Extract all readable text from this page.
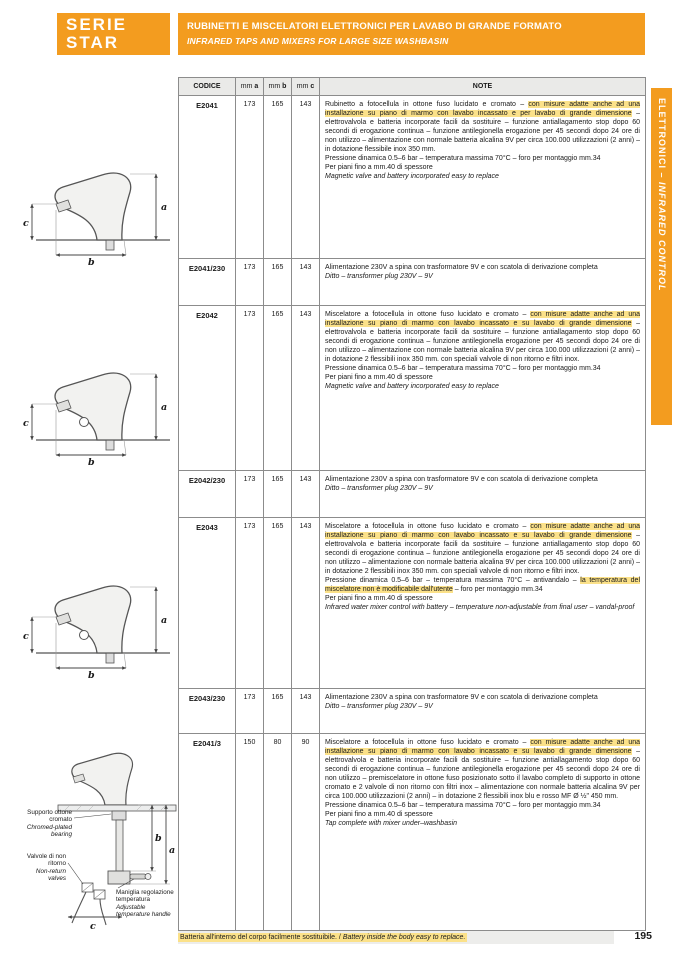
SERIE
STAR
RUBINETTI E MISCELATORI ELETTRONICI PER LAVABO DI GRANDE FORMATO
INFRARED TAPS AND MIXERS FOR LARGE SIZE WASHBASIN
ELETTRONICI – INFRARED CONTROL
CODICE	mm a	mm b	mm c	NOTE
E2041	173	165	143	Rubinetto a fotocellula in ottone fuso lucidato e cromato – con misure adatte anche ad una installazione su piano di marmo con lavabo incassato e per lavabo di grande dimensione – elettrovalvola e batteria incorporate facili da sostituire – funzione antiallagamento stop dopo 60 secondi di erogazione continua – funzione antilegionella erogazione per 45 secondi dopo 24 ore di non utilizzo – alimentazione con normale batteria alcalina 9V per circa 100.000 utilizzazioni (2 anni) – in dotazione flessibile inox 350 mm.
Pressione dinamica 0.5–6 bar – temperatura massima 70°C – foro per montaggio mm.34
Per piani fino a mm.40 di spessore
Magnetic valve and battery incorporated easy to replace
E2041/230	173	165	143	Alimentazione 230V a spina con trasformatore 9V e con scatola di derivazione completa
Ditto – transformer plug 230V – 9V
E2042	173	165	143	Miscelatore a fotocellula in ottone fuso lucidato e cromato – con misure adatte anche ad una installazione su piano di marmo con lavabo incassato e su lavabo di grande dimensione – elettrovalvola e batteria incorporate facili da sostituire – funzione antiallagamento stop dopo 60 secondi di erogazione continua – funzione antilegionella erogazione per 45 secondi dopo 24 ore di non utilizzo – alimentazione con normale batteria alcalina 9V per circa 100.000 utilizzazioni (2 anni) – in dotazione 2 flessibili inox 350 mm. con speciali valvole di non ritorno e filtri inox.
Pressione dinamica 0.5–6 bar – temperatura massima 70°C – foro per montaggio mm.34
Per piani fino a mm.40 di spessore
Magnetic valve and battery incorporated easy to replace
E2042/230	173	165	143	Alimentazione 230V a spina con trasformatore 9V e con scatola di derivazione completa
Ditto – transformer plug 230V – 9V
E2043	173	165	143	Miscelatore a fotocellula in ottone fuso lucidato e cromato – con misure adatte anche ad una installazione su piano di marmo con lavabo incassato e su lavabo di grande dimensione – elettrovalvola e batteria incorporate facili da sostituire – funzione antiallagamento stop dopo 60 secondi di erogazione continua – funzione antilegionella erogazione per 45 secondi dopo 24 ore di non utilizzo – alimentazione con normale batteria alcalina 9V per circa 100.000 utilizzazioni (2 anni) – in dotazione 2 flessibili inox 350 mm. con speciali valvole di non ritorno e filtri inox.
Pressione dinamica 0.5–6 bar – temperatura massima 70°C – antivandalo – la temperatura del miscelatore non è modificabile dall'utente – foro per montaggio mm.34
Per piani fino a mm.40 di spessore
Infrared water mixer control with battery – temperature non-adjustable from final user – vandal-proof
E2043/230	173	165	143	Alimentazione 230V a spina con trasformatore 9V e con scatola di derivazione completa
Ditto – transformer plug 230V – 9V
E2041/3	150	80	90	Miscelatore a fotocellula in ottone fuso lucidato e cromato – con misure adatte anche ad una installazione su piano di marmo con lavabo incassato e su lavabo di grande dimensione – elettrovalvola e batteria incorporate facili da sostituire – funzione antiallagamento stop dopo 60 secondi di erogazione continua – funzione antilegionella erogazione per 45 secondi dopo 24 ore di non utilizzo – premiscelatore in ottone fuso posizionato sotto il lavabo completo di supporto in ottone cromato e 2 valvole di non ritorno con filtri inox – alimentazione con normale batteria alcalina 9V per circa 100.000 utilizzazioni (2 anni) – in dotazione 2 flessibili inox blu e rosso MF Ø ½" 450 mm.
Pressione dinamica 0.5–6 bar – temperatura massima 70°C – foro per montaggio mm.34
Per piani fino a mm.40 di spessore
Tap complete with mixer under–washbasin
c
a
b
c
a
b
c
a
b
b
a
c
Supporto ottone cromato
Chromed-plated bearing
Valvole di non ritorno
Non-return valves
Maniglia regolazione temperatura
Adjustable temperature handle
Batteria all'interno del corpo facilmente sostituibile. / Battery inside the body easy to replace.	195
